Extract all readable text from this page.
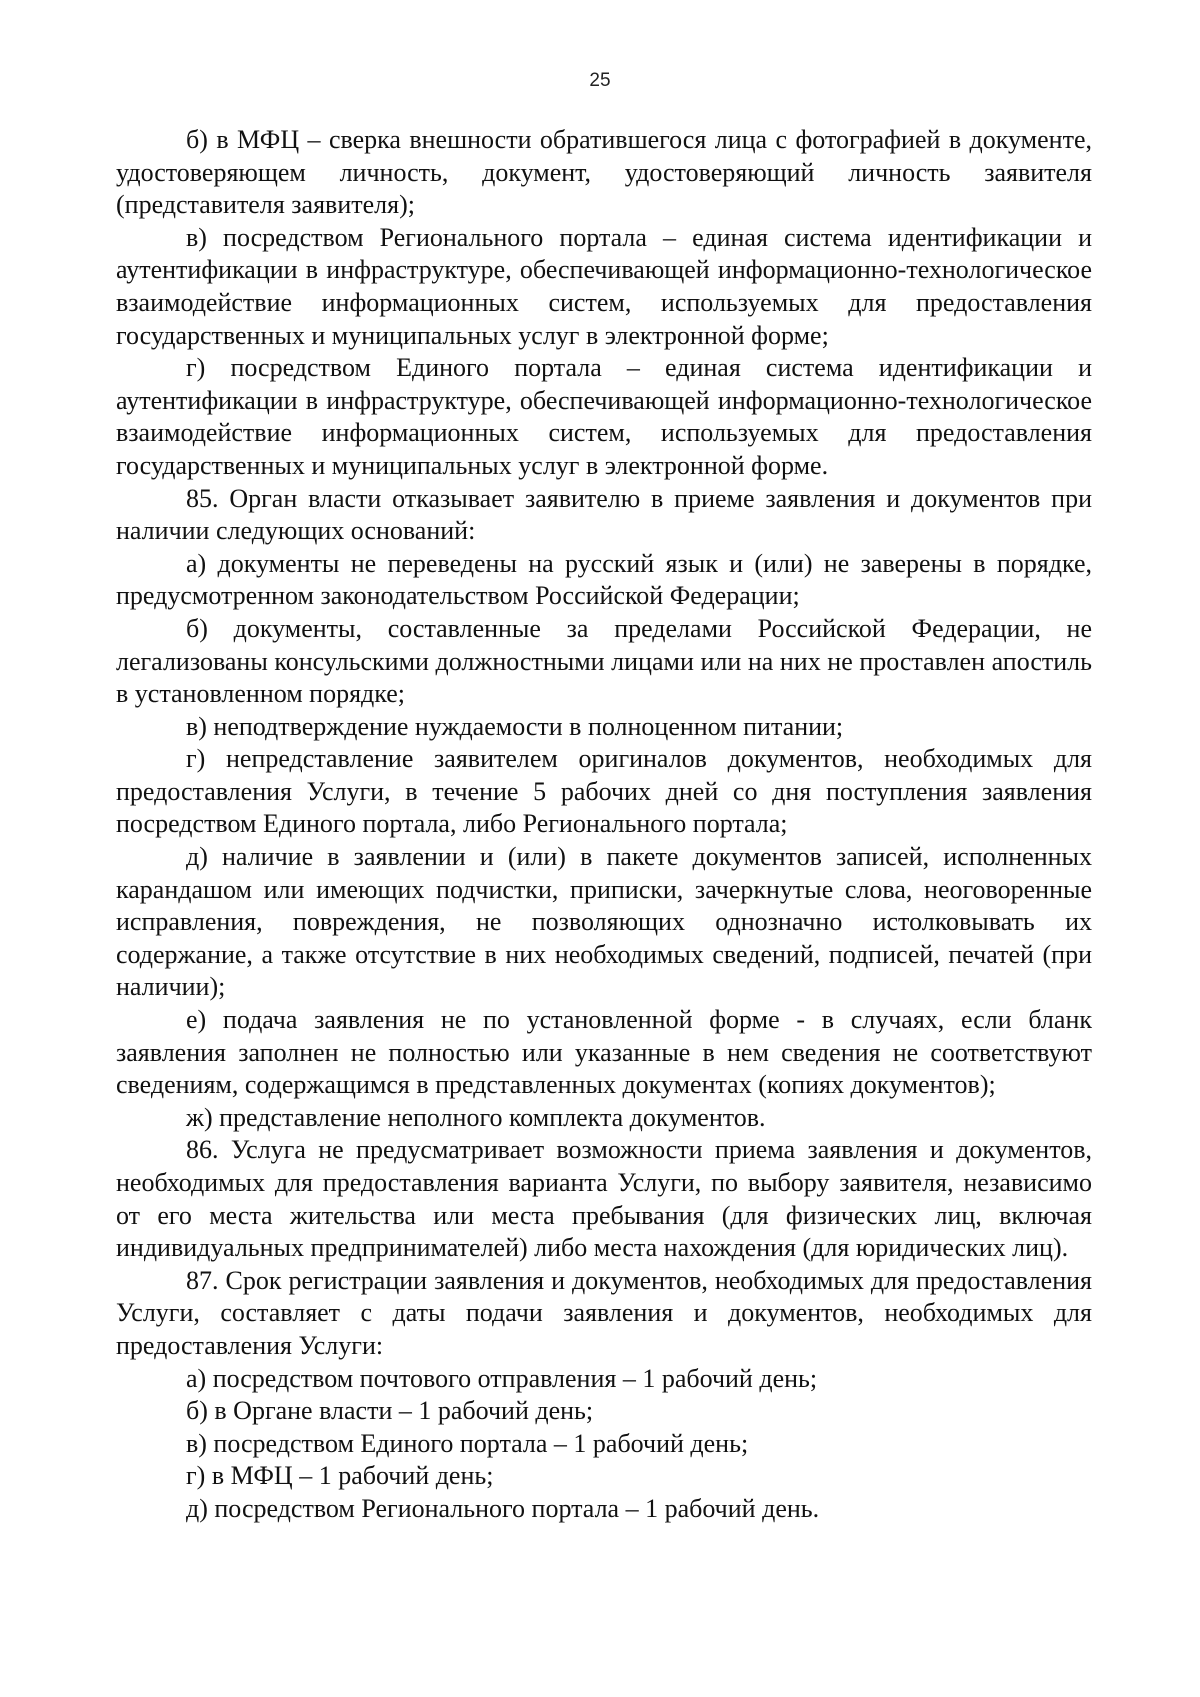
25

б) в МФЦ – сверка внешности обратившегося лица с фотографией в документе, удостоверяющем личность, документ, удостоверяющий личность заявителя (представителя заявителя);

в) посредством Регионального портала – единая система идентификации и аутентификации в инфраструктуре, обеспечивающей информационно-технологическое взаимодействие информационных систем, используемых для предоставления государственных и муниципальных услуг в электронной форме;

г) посредством Единого портала – единая система идентификации и аутентификации в инфраструктуре, обеспечивающей информационно-технологическое взаимодействие информационных систем, используемых для предоставления государственных и муниципальных услуг в электронной форме.

85. Орган власти отказывает заявителю в приеме заявления и документов при наличии следующих оснований:

а) документы не переведены на русский язык и (или) не заверены в порядке, предусмотренном законодательством Российской Федерации;

б) документы, составленные за пределами Российской Федерации, не легализованы консульскими должностными лицами или на них не проставлен апостиль в установленном порядке;

в) неподтверждение нуждаемости в полноценном питании;

г) непредставление заявителем оригиналов документов, необходимых для предоставления Услуги, в течение 5 рабочих дней со дня поступления заявления посредством Единого портала, либо Регионального портала;

д) наличие в заявлении и (или) в пакете документов записей, исполненных карандашом или имеющих подчистки, приписки, зачеркнутые слова, неоговоренные исправления, повреждения, не позволяющих однозначно истолковывать их содержание, а также отсутствие в них необходимых сведений, подписей, печатей (при наличии);

е) подача заявления не по установленной форме - в случаях, если бланк заявления заполнен не полностью или указанные в нем сведения не соответствуют сведениям, содержащимся в представленных документах (копиях документов);

ж) представление неполного комплекта документов.

86. Услуга не предусматривает возможности приема заявления и документов, необходимых для предоставления варианта Услуги, по выбору заявителя, независимо от его места жительства или места пребывания (для физических лиц, включая индивидуальных предпринимателей) либо места нахождения (для юридических лиц).

87. Срок регистрации заявления и документов, необходимых для предоставления Услуги, составляет с даты подачи заявления и документов, необходимых для предоставления Услуги:

а) посредством почтового отправления – 1 рабочий день;

б) в Органе власти – 1 рабочий день;

в) посредством Единого портала – 1 рабочий день;

г) в МФЦ – 1 рабочий день;

д) посредством Регионального портала – 1 рабочий день.
